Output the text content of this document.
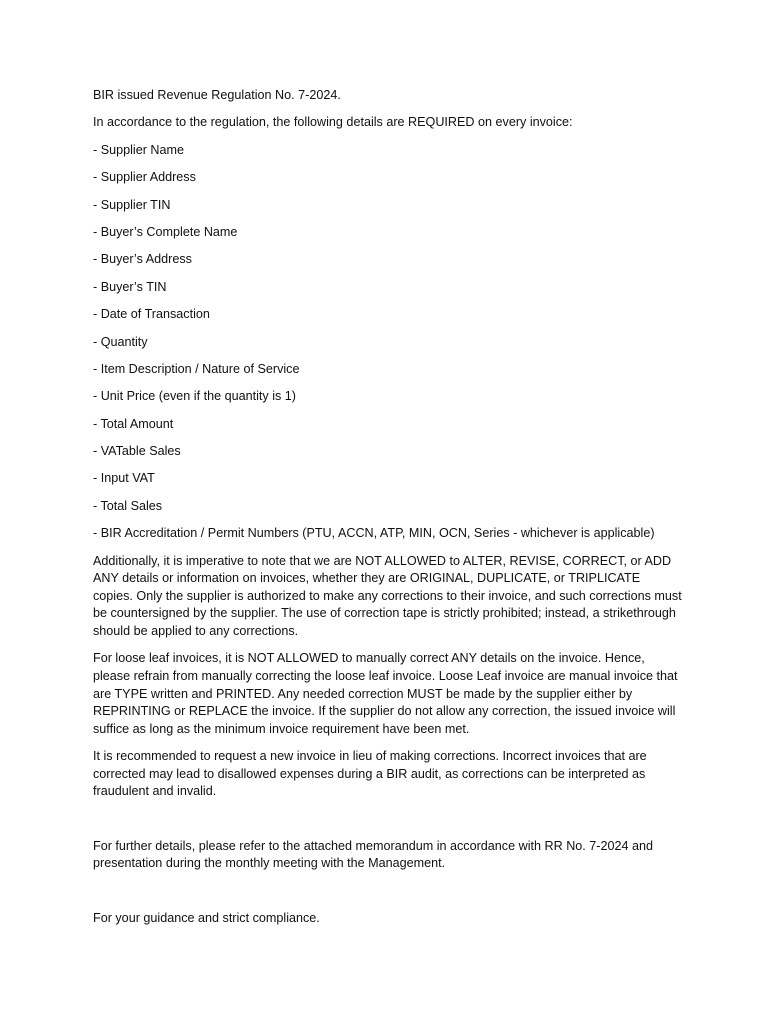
BIR issued Revenue Regulation No. 7-2024.

In accordance to the regulation, the following details are REQUIRED on every invoice:

- Supplier Name

- Supplier Address

- Supplier TIN

- Buyer’s Complete Name

- Buyer’s Address

- Buyer’s TIN

- Date of Transaction

- Quantity

- Item Description / Nature of Service

- Unit Price (even if the quantity is 1)

- Total Amount

- VATable Sales

- Input VAT

- Total Sales

- BIR Accreditation / Permit Numbers (PTU, ACCN, ATP, MIN, OCN, Series - whichever is applicable)

Additionally, it is imperative to note that we are NOT ALLOWED to ALTER, REVISE, CORRECT, or ADD ANY details or information on invoices, whether they are ORIGINAL, DUPLICATE, or TRIPLICATE copies. Only the supplier is authorized to make any corrections to their invoice, and such corrections must be countersigned by the supplier. The use of correction tape is strictly prohibited; instead, a strikethrough should be applied to any corrections.

For loose leaf invoices, it is NOT ALLOWED to manually correct ANY details on the invoice. Hence, please refrain from manually correcting the loose leaf invoice. Loose Leaf invoice are manual invoice that are TYPE written and PRINTED. Any needed correction MUST be made by the supplier either by REPRINTING or REPLACE the invoice. If the supplier do not allow any correction, the issued invoice will suffice as long as the minimum invoice requirement have been met.

It is recommended to request a new invoice in lieu of making corrections. Incorrect invoices that are corrected may lead to disallowed expenses during a BIR audit, as corrections can be interpreted as fraudulent and invalid.

For further details, please refer to the attached memorandum in accordance with RR No. 7-2024 and presentation during the monthly meeting with the Management.

For your guidance and strict compliance.
